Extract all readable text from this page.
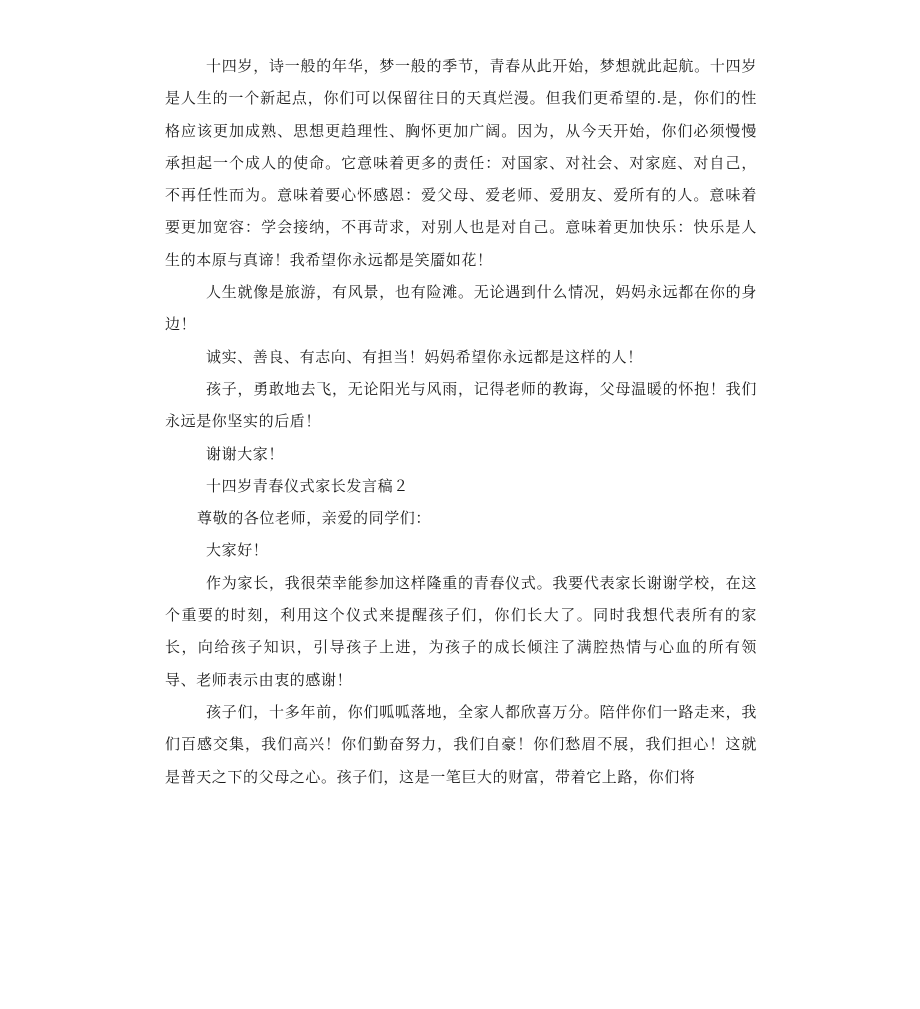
十四岁，诗一般的年华，梦一般的季节，青春从此开始，梦想就此起航。十四岁是人生的一个新起点，你们可以保留往日的天真烂漫。但我们更希望的.是，你们的性格应该更加成熟、思想更趋理性、胸怀更加广阔。因为，从今天开始，你们必须慢慢承担起一个成人的使命。它意味着更多的责任：对国家、对社会、对家庭、对自己，不再任性而为。意味着要心怀感恩：爱父母、爱老师、爱朋友、爱所有的人。意味着要更加宽容：学会接纳，不再苛求，对别人也是对自己。意味着更加快乐：快乐是人生的本原与真谛！我希望你永远都是笑靥如花！

人生就像是旅游，有风景，也有险滩。无论遇到什么情况，妈妈永远都在你的身边！

诚实、善良、有志向、有担当！妈妈希望你永远都是这样的人！

孩子，勇敢地去飞，无论阳光与风雨，记得老师的教诲，父母温暖的怀抱！我们永远是你坚实的后盾！

谢谢大家！

十四岁青春仪式家长发言稿２

尊敬的各位老师，亲爱的同学们：

大家好！

作为家长，我很荣幸能参加这样隆重的青春仪式。我要代表家长谢谢学校，在这个重要的时刻，利用这个仪式来提醒孩子们，你们长大了。同时我想代表所有的家长，向给孩子知识，引导孩子上进，为孩子的成长倾注了满腔热情与心血的所有领导、老师表示由衷的感谢！

孩子们，十多年前，你们呱呱落地，全家人都欣喜万分。陪伴你们一路走来，我们百感交集，我们高兴！你们勤奋努力，我们自豪！你们愁眉不展，我们担心！这就是普天之下的父母之心。孩子们，这是一笔巨大的财富，带着它上路，你们将
